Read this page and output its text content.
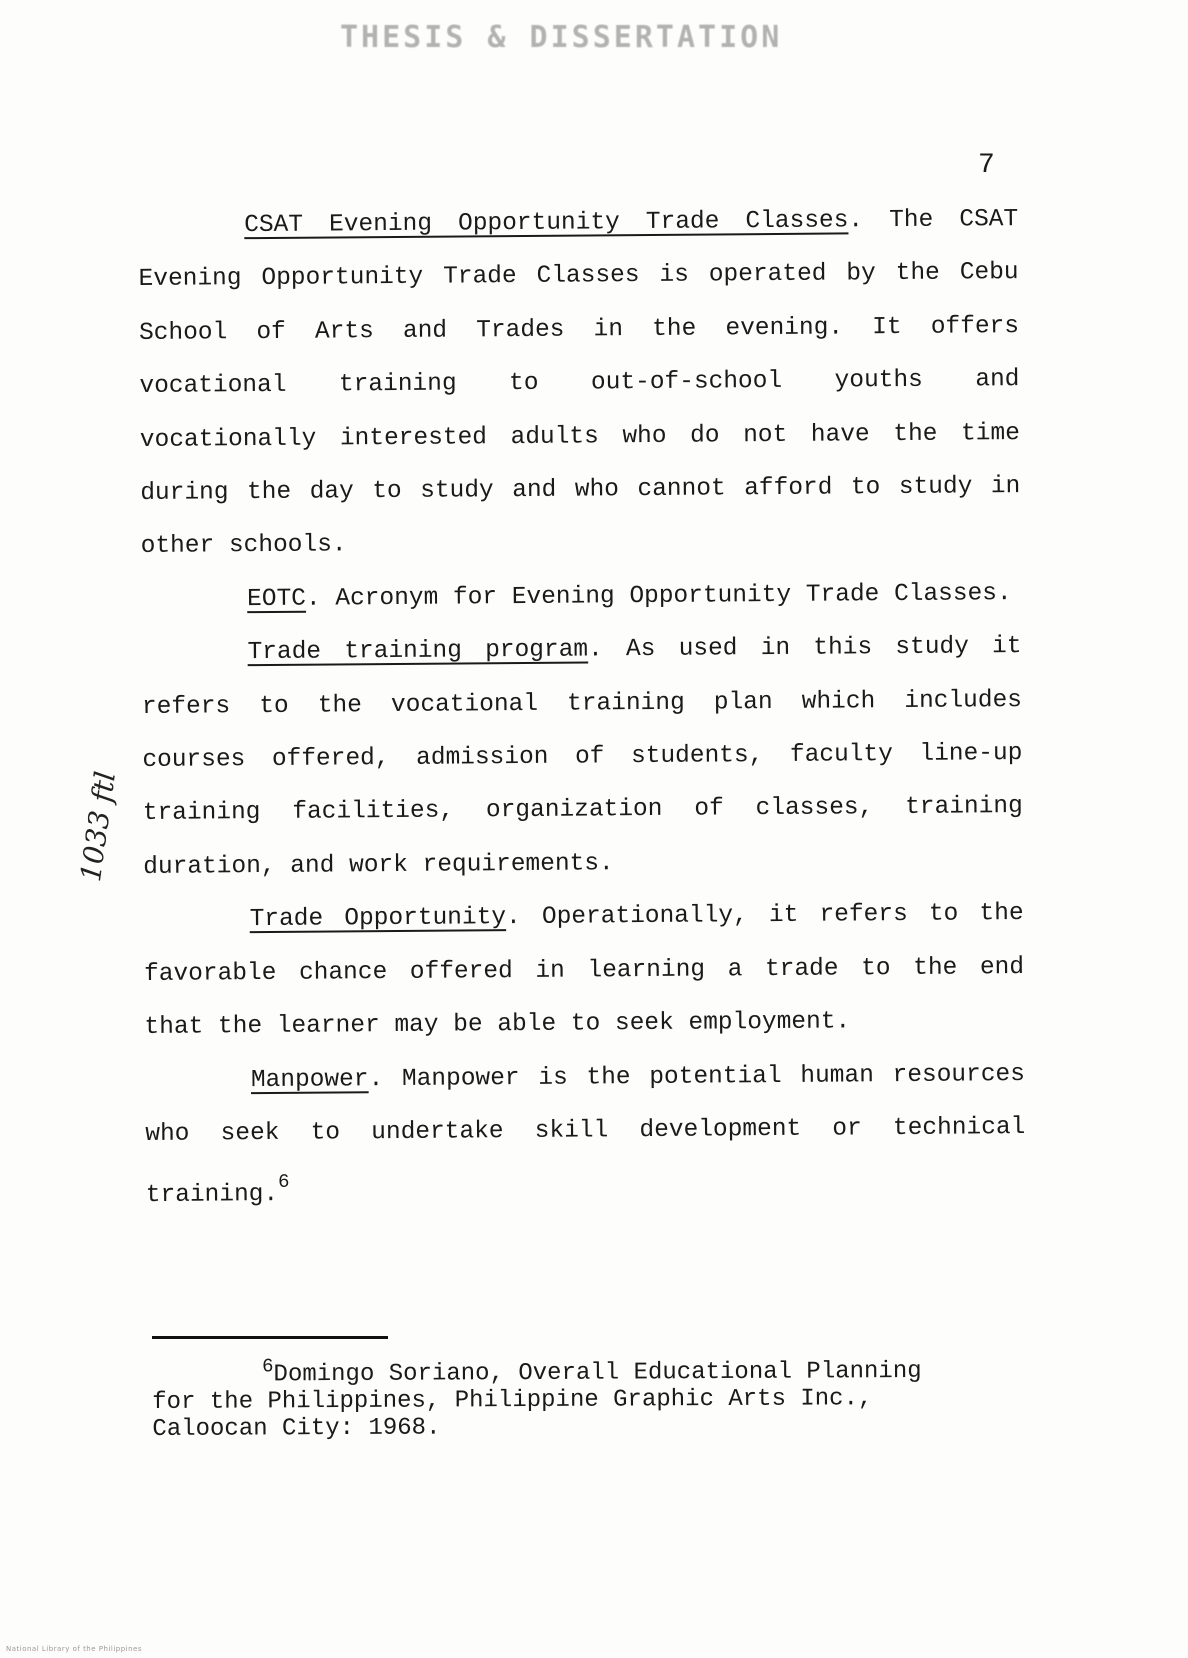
THESIS & DISSERTATION
7
1033 ftl

CSAT Evening Opportunity Trade Classes. The CSAT Evening Opportunity Trade Classes is operated by the Cebu School of Arts and Trades in the evening. It offers vocational training to out-of-school youths and vocationally interested adults who do not have the time during the day to study and who cannot afford to study in other schools.

EOTC. Acronym for Evening Opportunity Trade Classes.

Trade training program. As used in this study it refers to the vocational training plan which includes courses offered, admission of students, faculty line-up training facilities, organization of classes, training duration, and work requirements.

Trade Opportunity. Operationally, it refers to the favorable chance offered in learning a trade to the end that the learner may be able to seek employment.

Manpower. Manpower is the potential human resources who seek to undertake skill development or technical training.$^6$

$^6$Domingo Soriano, Overall Educational Planning
for the Philippines, Philippine Graphic Arts Inc.,
Caloocan City: 1968.
National Library of the Philippines
